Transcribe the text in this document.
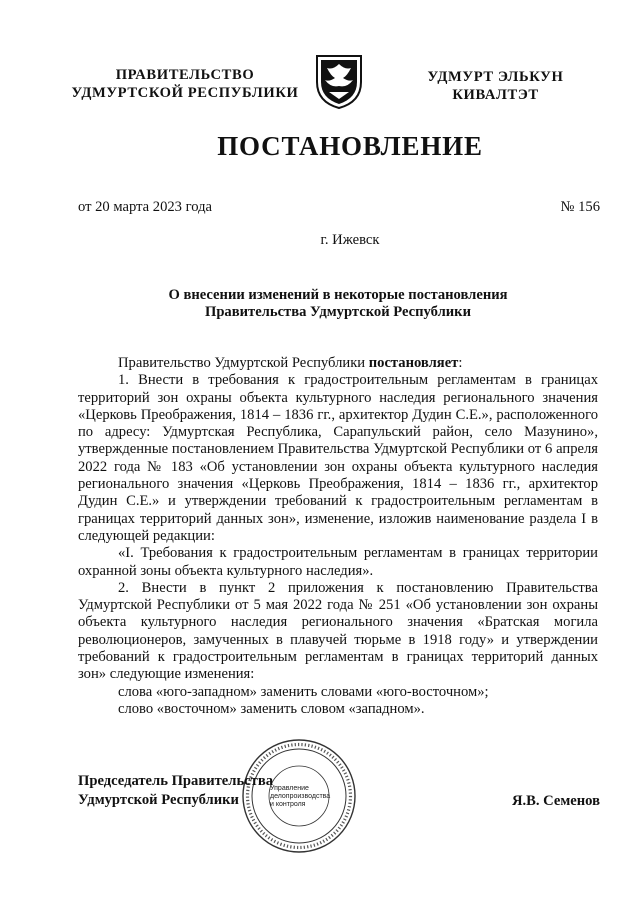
ПРАВИТЕЛЬСТВО
УДМУРТСКОЙ РЕСПУБЛИКИ
УДМУРТ ЭЛЬКУН
КИВАЛТЭТ
ПОСТАНОВЛЕНИЕ
от 20 марта 2023 года	№ 156
г. Ижевск
О внесении изменений в некоторые постановления
Правительства Удмуртской Республики

Правительство Удмуртской Республики постановляет:

1. Внести в требования к градостроительным регламентам в границах территорий зон охраны объекта культурного наследия регионального значения «Церковь Преображения, 1814 – 1836 гг., архитектор Дудин С.Е.», расположенного по адресу: Удмуртская Республика, Сарапульский район, село Мазунино», утвержденные постановлением Правительства Удмуртской Республики от 6 апреля 2022 года № 183 «Об установлении зон охраны объекта культурного наследия регионального значения «Церковь Преображения, 1814 – 1836 гг., архитектор Дудин С.Е.» и утверждении требований к градостроительным регламентам в границах территорий данных зон», изменение, изложив наименование раздела I в следующей редакции:

«I. Требования к градостроительным регламентам в границах территории охранной зоны объекта культурного наследия».

2. Внести в пункт 2 приложения к постановлению Правительства Удмуртской Республики от 5 мая 2022 года № 251 «Об установлении зон охраны объекта культурного наследия регионального значения «Братская могила революционеров, замученных в плавучей тюрьме в 1918 году» и утверждении требований к градостроительным регламентам в границах территорий данных зон» следующие изменения:

слова «юго-западном» заменить словами «юго-восточном»;

слово «восточном» заменить словом «западном».

Управление
делопроизводства
и контроля
Председатель Правительства
Удмуртской Республики	Я.В. Семенов
